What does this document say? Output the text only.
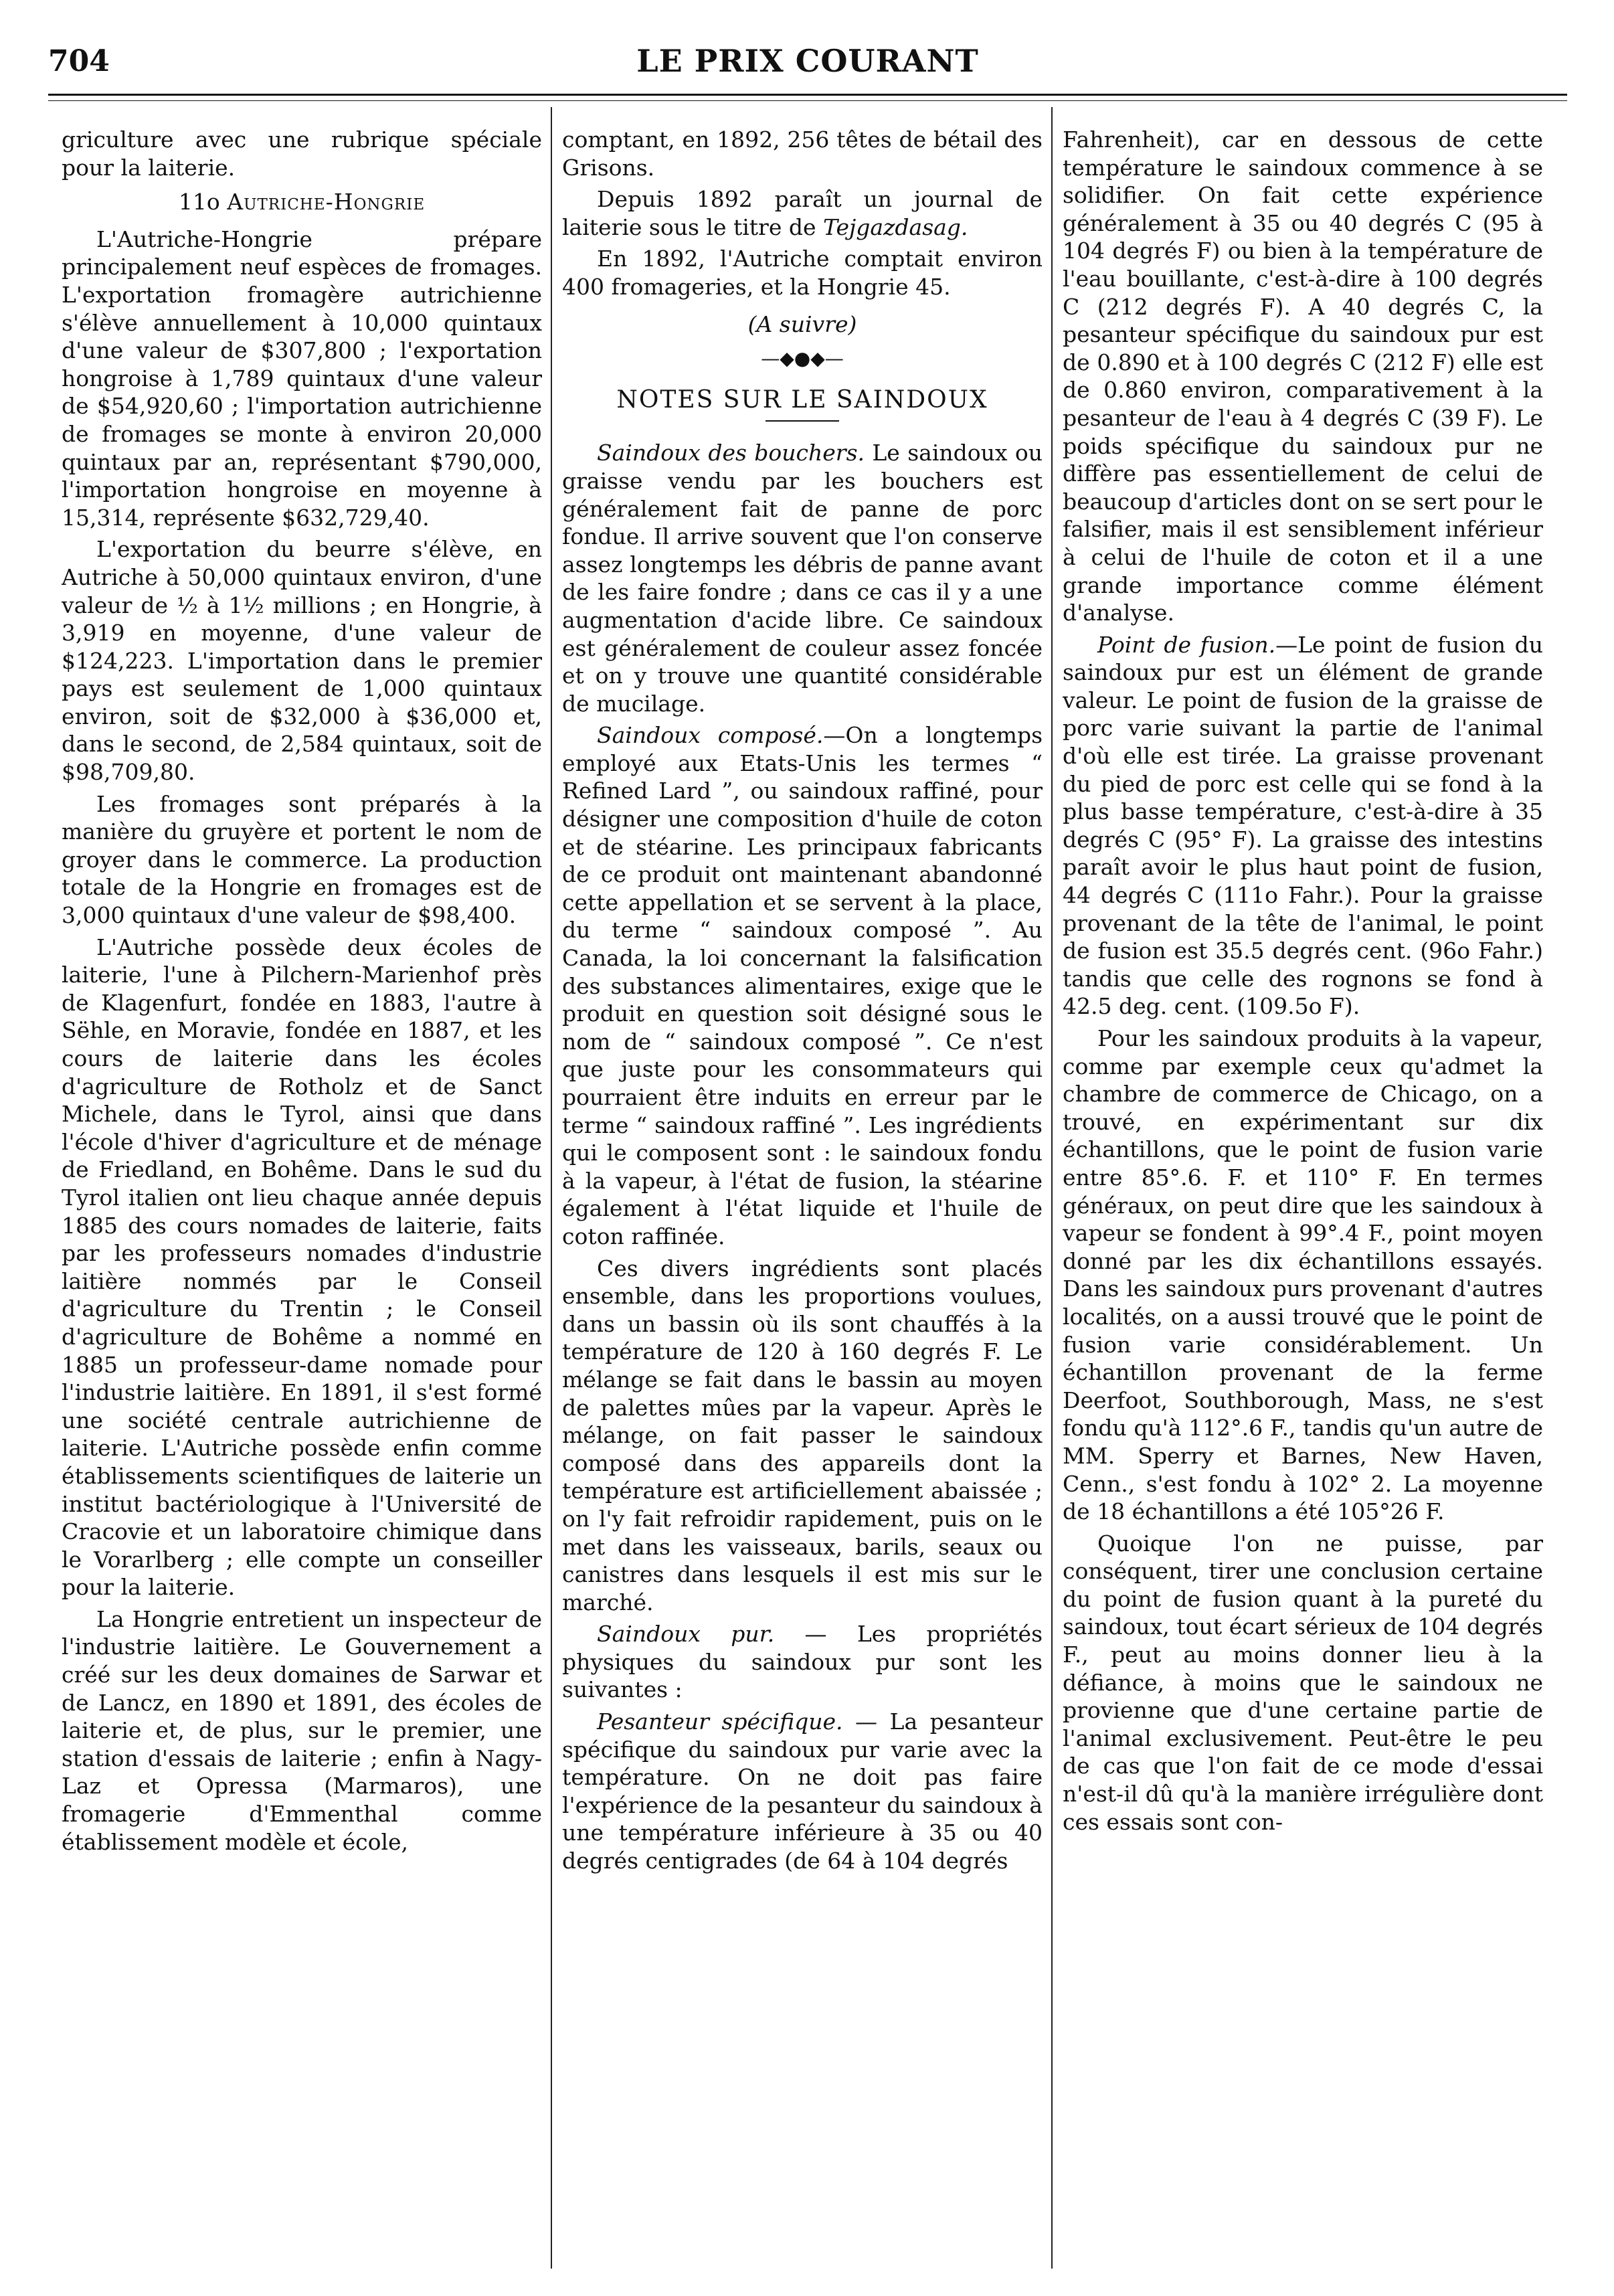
704	LE PRIX COURANT

griculture avec une rubrique spéciale pour la laiterie.

11o Autriche-Hongrie

L'Autriche-Hongrie prépare principalement neuf espèces de fromages. L'exportation fromagère autrichienne s'élève annuellement à 10,000 quintaux d'une valeur de $307,800 ; l'exportation hongroise à 1,789 quintaux d'une valeur de $54,920,60 ; l'importation autrichienne de fromages se monte à environ 20,000 quintaux par an, représentant $790,000, l'importation hongroise en moyenne à 15,314, représente $632,729,40.

L'exportation du beurre s'élève, en Autriche à 50,000 quintaux environ, d'une valeur de ½ à 1½ millions ; en Hongrie, à 3,919 en moyenne, d'une valeur de $124,223. L'importation dans le premier pays est seulement de 1,000 quintaux environ, soit de $32,000 à $36,000 et, dans le second, de 2,584 quintaux, soit de $98,709,80.

Les fromages sont préparés à la manière du gruyère et portent le nom de groyer dans le commerce. La production totale de la Hongrie en fromages est de 3,000 quintaux d'une valeur de $98,400.

L'Autriche possède deux écoles de laiterie, l'une à Pilchern-Marienhof près de Klagenfurt, fondée en 1883, l'autre à Sëhle, en Moravie, fondée en 1887, et les cours de laiterie dans les écoles d'agriculture de Rotholz et de Sanct Michele, dans le Tyrol, ainsi que dans l'école d'hiver d'agriculture et de ménage de Friedland, en Bohême. Dans le sud du Tyrol italien ont lieu chaque année depuis 1885 des cours nomades de laiterie, faits par les professeurs nomades d'industrie laitière nommés par le Conseil d'agriculture du Trentin ; le Conseil d'agriculture de Bohême a nommé en 1885 un professeur-dame nomade pour l'industrie laitière. En 1891, il s'est formé une société centrale autrichienne de laiterie. L'Autriche possède enfin comme établissements scientifiques de laiterie un institut bactériologique à l'Université de Cracovie et un laboratoire chimique dans le Vorarlberg ; elle compte un conseiller pour la laiterie.

La Hongrie entretient un inspecteur de l'industrie laitière. Le Gouvernement a créé sur les deux domaines de Sarwar et de Lancz, en 1890 et 1891, des écoles de laiterie et, de plus, sur le premier, une station d'essais de laiterie ; enfin à Nagy-Laz et Opressa (Marmaros), une fromagerie d'Emmenthal comme établissement modèle et école,

comptant, en 1892, 256 têtes de bétail des Grisons.

Depuis 1892 paraît un journal de laiterie sous le titre de Tejgazdasag.

En 1892, l'Autriche comptait environ 400 fromageries, et la Hongrie 45.

(A suivre)
—◆●◆—
NOTES SUR LE SAINDOUX

Saindoux des bouchers. Le saindoux ou graisse vendu par les bouchers est généralement fait de panne de porc fondue. Il arrive souvent que l'on conserve assez longtemps les débris de panne avant de les faire fondre ; dans ce cas il y a une augmentation d'acide libre. Ce saindoux est généralement de couleur assez foncée et on y trouve une quantité considérable de mucilage.

Saindoux composé.—On a longtemps employé aux Etats-Unis les termes “ Refined Lard ”, ou saindoux raffiné, pour désigner une composition d'huile de coton et de stéarine. Les principaux fabricants de ce produit ont maintenant abandonné cette appellation et se servent à la place, du terme “ saindoux composé ”. Au Canada, la loi concernant la falsification des substances alimentaires, exige que le produit en question soit désigné sous le nom de “ saindoux composé ”. Ce n'est que juste pour les consommateurs qui pourraient être induits en erreur par le terme “ saindoux raffiné ”. Les ingrédients qui le composent sont : le saindoux fondu à la vapeur, à l'état de fusion, la stéarine également à l'état liquide et l'huile de coton raffinée.

Ces divers ingrédients sont placés ensemble, dans les proportions voulues, dans un bassin où ils sont chauffés à la température de 120 à 160 degrés F. Le mélange se fait dans le bassin au moyen de palettes mûes par la vapeur. Après le mélange, on fait passer le saindoux composé dans des appareils dont la température est artificiellement abaissée ; on l'y fait refroidir rapidement, puis on le met dans les vaisseaux, barils, seaux ou canistres dans lesquels il est mis sur le marché.

Saindoux pur. — Les propriétés physiques du saindoux pur sont les suivantes :

Pesanteur spécifique. — La pesanteur spécifique du saindoux pur varie avec la température. On ne doit pas faire l'expérience de la pesanteur du saindoux à une température inférieure à 35 ou 40 degrés centigrades (de 64 à 104 degrés

Fahrenheit), car en dessous de cette température le saindoux commence à se solidifier. On fait cette expérience généralement à 35 ou 40 degrés C (95 à 104 degrés F) ou bien à la température de l'eau bouillante, c'est-à-dire à 100 degrés C (212 degrés F). A 40 degrés C, la pesanteur spécifique du saindoux pur est de 0.890 et à 100 degrés C (212 F) elle est de 0.860 environ, comparativement à la pesanteur de l'eau à 4 degrés C (39 F). Le poids spécifique du saindoux pur ne diffère pas essentiellement de celui de beaucoup d'articles dont on se sert pour le falsifier, mais il est sensiblement inférieur à celui de l'huile de coton et il a une grande importance comme élément d'analyse.

Point de fusion.—Le point de fusion du saindoux pur est un élément de grande valeur. Le point de fusion de la graisse de porc varie suivant la partie de l'animal d'où elle est tirée. La graisse provenant du pied de porc est celle qui se fond à la plus basse température, c'est-à-dire à 35 degrés C (95° F). La graisse des intestins paraît avoir le plus haut point de fusion, 44 degrés C (111o Fahr.). Pour la graisse provenant de la tête de l'animal, le point de fusion est 35.5 degrés cent. (96o Fahr.) tandis que celle des rognons se fond à 42.5 deg. cent. (109.5o F).

Pour les saindoux produits à la vapeur, comme par exemple ceux qu'admet la chambre de commerce de Chicago, on a trouvé, en expérimentant sur dix échantillons, que le point de fusion varie entre 85°.6. F. et 110° F. En termes généraux, on peut dire que les saindoux à vapeur se fondent à 99°.4 F., point moyen donné par les dix échantillons essayés. Dans les saindoux purs provenant d'autres localités, on a aussi trouvé que le point de fusion varie considérablement. Un échantillon provenant de la ferme Deerfoot, Southborough, Mass, ne s'est fondu qu'à 112°.6 F., tandis qu'un autre de MM. Sperry et Barnes, New Haven, Cenn., s'est fondu à 102° 2. La moyenne de 18 échantillons a été 105°26 F.

Quoique l'on ne puisse, par conséquent, tirer une conclusion certaine du point de fusion quant à la pureté du saindoux, tout écart sérieux de 104 degrés F., peut au moins donner lieu à la défiance, à moins que le saindoux ne provienne que d'une certaine partie de l'animal exclusivement. Peut-être le peu de cas que l'on fait de ce mode d'essai n'est-il dû qu'à la manière irrégulière dont ces essais sont con-
